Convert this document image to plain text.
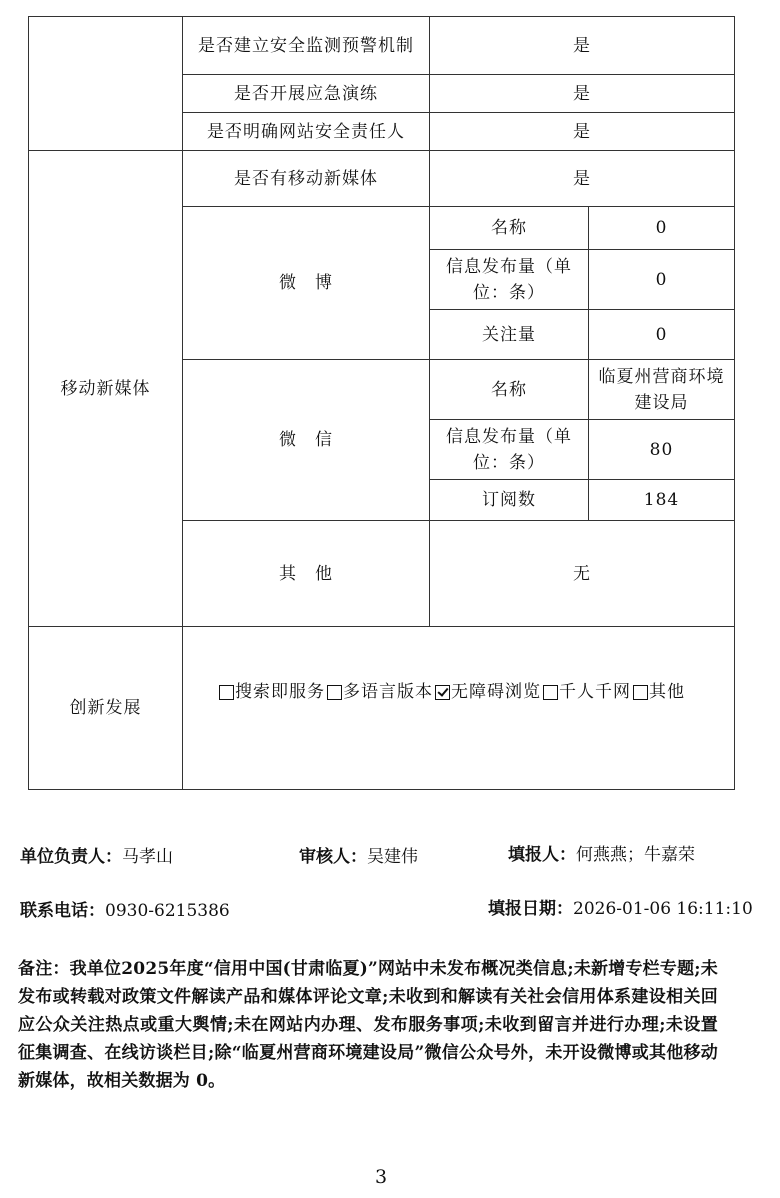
	是否建立安全监测预警机制	是	
	是否开展应急演练	是	
	是否明确网站安全责任人	是	
移动新媒体	是否有移动新媒体	是	
	微　博	名称	0
		信息发布量（单位：条）	0
		关注量	0
	微　信	名称	临夏州营商环境建设局
		信息发布量（单位：条）	80
		订阅数	184
	其　他	无	
创新发展	搜索即服务 多语言版本 无障碍浏览 千人千网 其他		
单位负责人：马孝山	审核人：吴建伟	填报人：何燕燕；牛嘉荣
联系电话：0930-6215386	填报日期：2026-01-06 16:11:10
备注：我单位2025年度“信用中国(甘肃临夏)”网站中未发布概况类信息;未新增专栏专题;未发布或转载对政策文件解读产品和媒体评论文章;未收到和解读有关社会信用体系建设相关回应公众关注热点或重大舆情;未在网站内办理、发布服务事项;未收到留言并进行办理;未设置征集调查、在线访谈栏目;除“临夏州营商环境建设局”微信公众号外，未开设微博或其他移动新媒体，故相关数据为 0。
3
